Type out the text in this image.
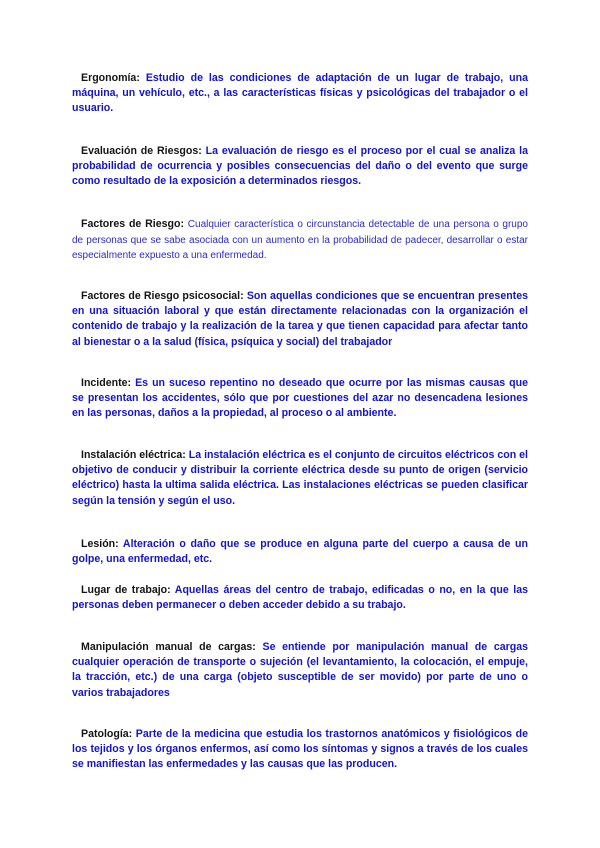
Ergonomía: Estudio de las condiciones de adaptación de un lugar de trabajo, una máquina, un vehículo, etc., a las características físicas y psicológicas del trabajador o el usuario.

Evaluación de Riesgos: La evaluación de riesgo es el proceso por el cual se analiza la probabilidad de ocurrencia y posibles consecuencias del daño o del evento que surge como resultado de la exposición a determinados riesgos.

Factores de Riesgo: Cualquier característica o circunstancia detectable de una persona o grupo de personas que se sabe asociada con un aumento en la probabilidad de padecer, desarrollar o estar especialmente expuesto a una enfermedad.

Factores de Riesgo psicosocial: Son aquellas condiciones que se encuentran presentes en una situación laboral y que están directamente relacionadas con la organización el contenido de trabajo y la realización de la tarea y que tienen capacidad para afectar tanto al bienestar o a la salud (física, psíquica y social) del trabajador

Incidente: Es un suceso repentino no deseado que ocurre por las mismas causas que se presentan los accidentes, sólo que por cuestiones del azar no desencadena lesiones en las personas, daños a la propiedad, al proceso o al ambiente.

Instalación eléctrica: La instalación eléctrica es el conjunto de circuitos eléctricos con el objetivo de conducir y distribuir la corriente eléctrica desde su punto de origen (servicio eléctrico) hasta la ultima salida eléctrica. Las instalaciones eléctricas se pueden clasificar según la tensión y según el uso.

Lesión: Alteración o daño que se produce en alguna parte del cuerpo a causa de un golpe, una enfermedad, etc.

Lugar de trabajo: Aquellas áreas del centro de trabajo, edificadas o no, en la que las personas deben permanecer o deben acceder debido a su trabajo.

Manipulación manual de cargas: Se entiende por manipulación manual de cargas cualquier operación de transporte o sujeción (el levantamiento, la colocación, el empuje, la tracción, etc.) de una carga (objeto susceptible de ser movido) por parte de uno o varios trabajadores

Patología: Parte de la medicina que estudia los trastornos anatómicos y fisiológicos de los tejidos y los órganos enfermos, así como los síntomas y signos a través de los cuales se manifiestan las enfermedades y las causas que las producen.
